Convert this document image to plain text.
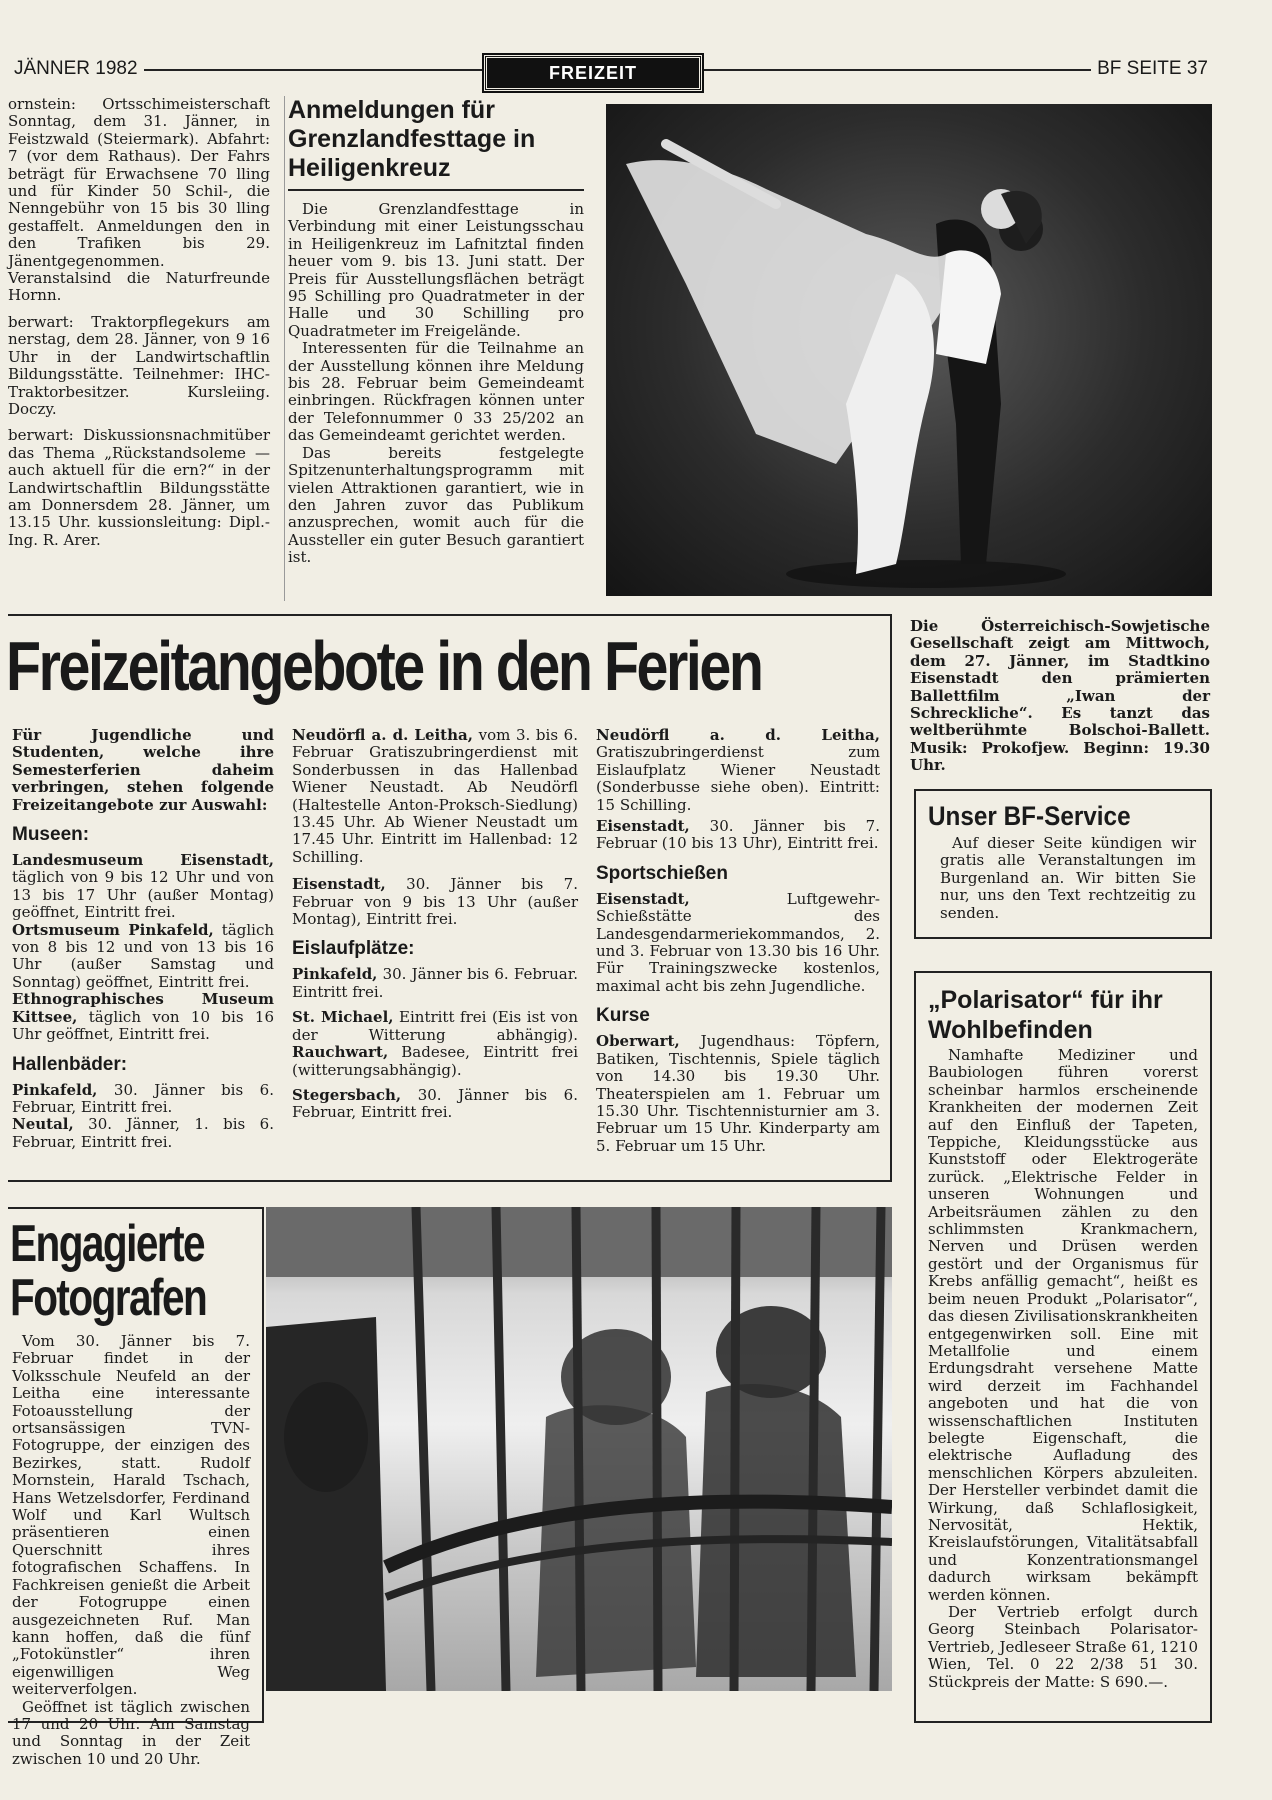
JÄNNER 1982	FREIZEIT	BF SEITE 37

ornstein: Ortsschimeisterschaft Sonntag, dem 31. Jänner, in Feistzwald (Steiermark). Abfahrt: 7 (vor dem Rathaus). Der Fahrs beträgt für Erwachsene 70 lling und für Kinder 50 Schil-, die Nenngebühr von 15 bis 30 lling gestaffelt. Anmeldungen den in den Trafiken bis 29. Jänentgegenommen. Veranstalsind die Naturfreunde Hornn.

berwart: Traktorpflegekurs am nerstag, dem 28. Jänner, von 9 16 Uhr in der Landwirtschaftlin Bildungsstätte. Teilnehmer: IHC-Traktorbesitzer. Kursleiing. Doczy.

berwart: Diskussionsnachmitüber das Thema „Rückstandsoleme — auch aktuell für die ern?“ in der Landwirtschaftlin Bildungsstätte am Donnersdem 28. Jänner, um 13.15 Uhr. kussionsleitung: Dipl.-Ing. R. Arer.

Anmeldungen für Grenzlandfesttage in Heiligenkreuz

Die Grenzlandfesttage in Verbindung mit einer Leistungsschau in Heiligenkreuz im Lafnitztal finden heuer vom 9. bis 13. Juni statt. Der Preis für Ausstellungsflächen beträgt 95 Schilling pro Quadratmeter in der Halle und 30 Schilling pro Quadratmeter im Freigelände.

Interessenten für die Teilnahme an der Ausstellung können ihre Meldung bis 28. Februar beim Gemeindeamt einbringen. Rückfragen können unter der Telefonnummer 0 33 25/202 an das Gemeindeamt gerichtet werden.

Das bereits festgelegte Spitzenunterhaltungsprogramm mit vielen Attraktionen garantiert, wie in den Jahren zuvor das Publikum anzusprechen, womit auch für die Aussteller ein guter Besuch garantiert ist.

Freizeitangebote in den Ferien

Für Jugendliche und Studenten, welche ihre Semesterferien daheim verbringen, stehen folgende Freizeitangebote zur Auswahl:

Museen:

Landesmuseum Eisenstadt, täglich von 9 bis 12 Uhr und von 13 bis 17 Uhr (außer Montag) geöffnet, Eintritt frei.

Ortsmuseum Pinkafeld, täglich von 8 bis 12 und von 13 bis 16 Uhr (außer Samstag und Sonntag) geöffnet, Eintritt frei.

Ethnographisches Museum Kittsee, täglich von 10 bis 16 Uhr geöffnet, Eintritt frei.

Hallenbäder:

Pinkafeld, 30. Jänner bis 6. Februar, Eintritt frei.

Neutal, 30. Jänner, 1. bis 6. Februar, Eintritt frei.

Neudörfl a. d. Leitha, vom 3. bis 6. Februar Gratiszubringerdienst mit Sonderbussen in das Hallenbad Wiener Neustadt. Ab Neudörfl (Haltestelle Anton-Proksch-Siedlung) 13.45 Uhr. Ab Wiener Neustadt um 17.45 Uhr. Eintritt im Hallenbad: 12 Schilling.

Eisenstadt, 30. Jänner bis 7. Februar von 9 bis 13 Uhr (außer Montag), Eintritt frei.

Eislaufplätze:

Pinkafeld, 30. Jänner bis 6. Februar. Eintritt frei.

St. Michael, Eintritt frei (Eis ist von der Witterung abhängig). Rauchwart, Badesee, Eintritt frei (witterungsabhängig).

Stegersbach, 30. Jänner bis 6. Februar, Eintritt frei.

Neudörfl a. d. Leitha, Gratiszubringerdienst zum Eislaufplatz Wiener Neustadt (Sonderbusse siehe oben). Eintritt: 15 Schilling.

Eisenstadt, 30. Jänner bis 7. Februar (10 bis 13 Uhr), Eintritt frei.

Sportschießen

Eisenstadt, Luftgewehr-Schießstätte des Landesgendarmeriekommandos, 2. und 3. Februar von 13.30 bis 16 Uhr. Für Trainingszwecke kostenlos, maximal acht bis zehn Jugendliche.

Kurse

Oberwart, Jugendhaus: Töpfern, Batiken, Tischtennis, Spiele täglich von 14.30 bis 19.30 Uhr. Theaterspielen am 1. Februar um 15.30 Uhr. Tischtennisturnier am 3. Februar um 15 Uhr. Kinderparty am 5. Februar um 15 Uhr.

Die Österreichisch-Sowjetische Gesellschaft zeigt am Mittwoch, dem 27. Jänner, im Stadtkino Eisenstadt den prämierten Ballettfilm „Iwan der Schreckliche“. Es tanzt das weltberühmte Bolschoi-Ballett. Musik: Prokofjew. Beginn: 19.30 Uhr.

Unser BF-Service

Auf dieser Seite kündigen wir gratis alle Veranstaltungen im Burgenland an. Wir bitten Sie nur, uns den Text rechtzeitig zu senden.

„Polarisator“ für ihr Wohlbefinden

Namhafte Mediziner und Baubiologen führen vorerst scheinbar harmlos erscheinende Krankheiten der modernen Zeit auf den Einfluß der Tapeten, Teppiche, Kleidungsstücke aus Kunststoff oder Elektrogeräte zurück. „Elektrische Felder in unseren Wohnungen und Arbeitsräumen zählen zu den schlimmsten Krankmachern, Nerven und Drüsen werden gestört und der Organismus für Krebs anfällig gemacht“, heißt es beim neuen Produkt „Polarisator“, das diesen Zivilisationskrankheiten entgegenwirken soll. Eine mit Metallfolie und einem Erdungsdraht versehene Matte wird derzeit im Fachhandel angeboten und hat die von wissenschaftlichen Instituten belegte Eigenschaft, die elektrische Aufladung des menschlichen Körpers abzuleiten. Der Hersteller verbindet damit die Wirkung, daß Schlaflosigkeit, Nervosität, Hektik, Kreislaufstörungen, Vitalitätsabfall und Konzentrationsmangel dadurch wirksam bekämpft werden können.

Der Vertrieb erfolgt durch Georg Steinbach Polarisator-Vertrieb, Jedleseer Straße 61, 1210 Wien, Tel. 0 22 2/38 51 30. Stückpreis der Matte: S 690.—.

Engagierte Fotografen

Vom 30. Jänner bis 7. Februar findet in der Volksschule Neufeld an der Leitha eine interessante Fotoausstellung der ortsansässigen TVN-Fotogruppe, der einzigen des Bezirkes, statt. Rudolf Mornstein, Harald Tschach, Hans Wetzelsdorfer, Ferdinand Wolf und Karl Wultsch präsentieren einen Querschnitt ihres fotografischen Schaffens. In Fachkreisen genießt die Arbeit der Fotogruppe einen ausgezeichneten Ruf. Man kann hoffen, daß die fünf „Fotokünstler“ ihren eigenwilligen Weg weiterverfolgen.

Geöffnet ist täglich zwischen 17 und 20 Uhr. Am Samstag und Sonntag in der Zeit zwischen 10 und 20 Uhr.
